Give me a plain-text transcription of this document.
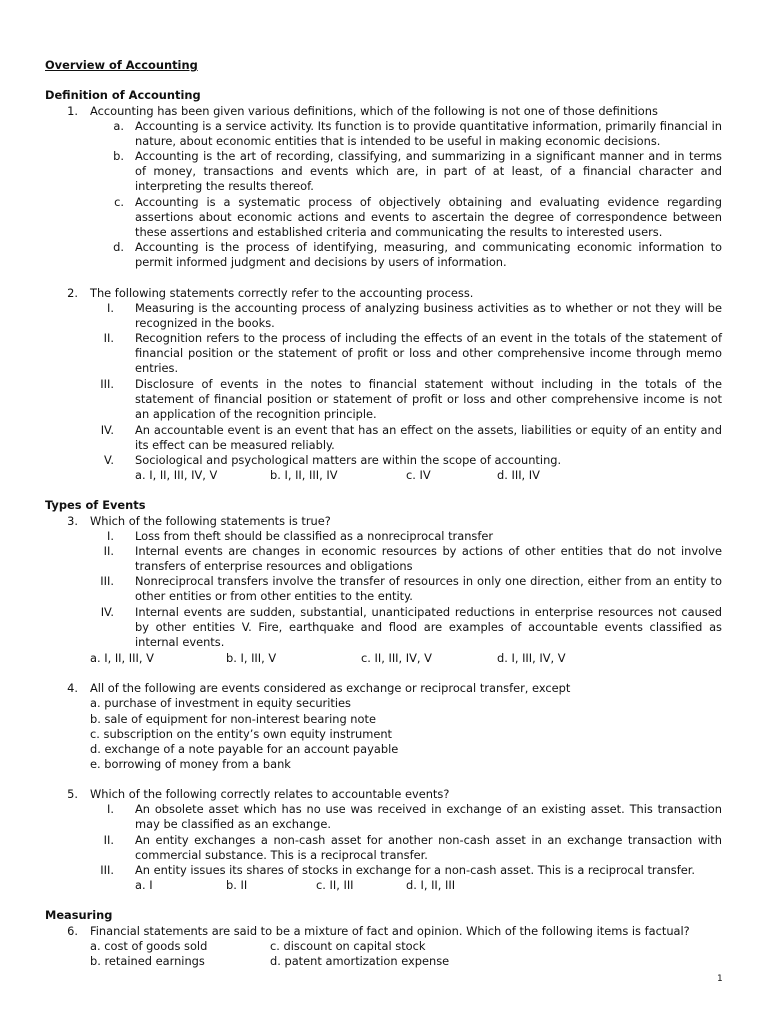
Overview of Accounting
Definition of Accounting
1. Accounting has been given various definitions, which of the following is not one of those definitions
a. Accounting is a service activity. Its function is to provide quantitative information, primarily financial in nature, about economic entities that is intended to be useful in making economic decisions.
b. Accounting is the art of recording, classifying, and summarizing in a significant manner and in terms of money, transactions and events which are, in part of at least, of a financial character and interpreting the results thereof.
c. Accounting is a systematic process of objectively obtaining and evaluating evidence regarding assertions about economic actions and events to ascertain the degree of correspondence between these assertions and established criteria and communicating the results to interested users.
d. Accounting is the process of identifying, measuring, and communicating economic information to permit informed judgment and decisions by users of information.
2. The following statements correctly refer to the accounting process.
I. Measuring is the accounting process of analyzing business activities as to whether or not they will be recognized in the books.
II. Recognition refers to the process of including the effects of an event in the totals of the statement of financial position or the statement of profit or loss and other comprehensive income through memo entries.
III. Disclosure of events in the notes to financial statement without including in the totals of the statement of financial position or statement of profit or loss and other comprehensive income is not an application of the recognition principle.
IV. An accountable event is an event that has an effect on the assets, liabilities or equity of an entity and its effect can be measured reliably.
V. Sociological and psychological matters are within the scope of accounting.
a. I, II, III, IV, V	b. I, II, III, IV	c. IV	d. III, IV
Types of Events
3. Which of the following statements is true?
I. Loss from theft should be classified as a nonreciprocal transfer
II. Internal events are changes in economic resources by actions of other entities that do not involve transfers of enterprise resources and obligations
III. Nonreciprocal transfers involve the transfer of resources in only one direction, either from an entity to other entities or from other entities to the entity.
IV. Internal events are sudden, substantial, unanticipated reductions in enterprise resources not caused by other entities V. Fire, earthquake and flood are examples of accountable events classified as internal events.
a. I, II, III, V	b. I, III, V	c. II, III, IV, V	d. I, III, IV, V
4. All of the following are events considered as exchange or reciprocal transfer, except
a. purchase of investment in equity securities
b. sale of equipment for non-interest bearing note
c. subscription on the entity’s own equity instrument
d. exchange of a note payable for an account payable
e. borrowing of money from a bank
5. Which of the following correctly relates to accountable events?
I. An obsolete asset which has no use was received in exchange of an existing asset. This transaction may be classified as an exchange.
II. An entity exchanges a non-cash asset for another non-cash asset in an exchange transaction with commercial substance. This is a reciprocal transfer.
III. An entity issues its shares of stocks in exchange for a non-cash asset. This is a reciprocal transfer.
a. I	b. II	c. II, III	d. I, II, III
Measuring
6. Financial statements are said to be a mixture of fact and opinion. Which of the following items is factual?
a. cost of goods sold	c. discount on capital stock
b. retained earnings	d. patent amortization expense
1
